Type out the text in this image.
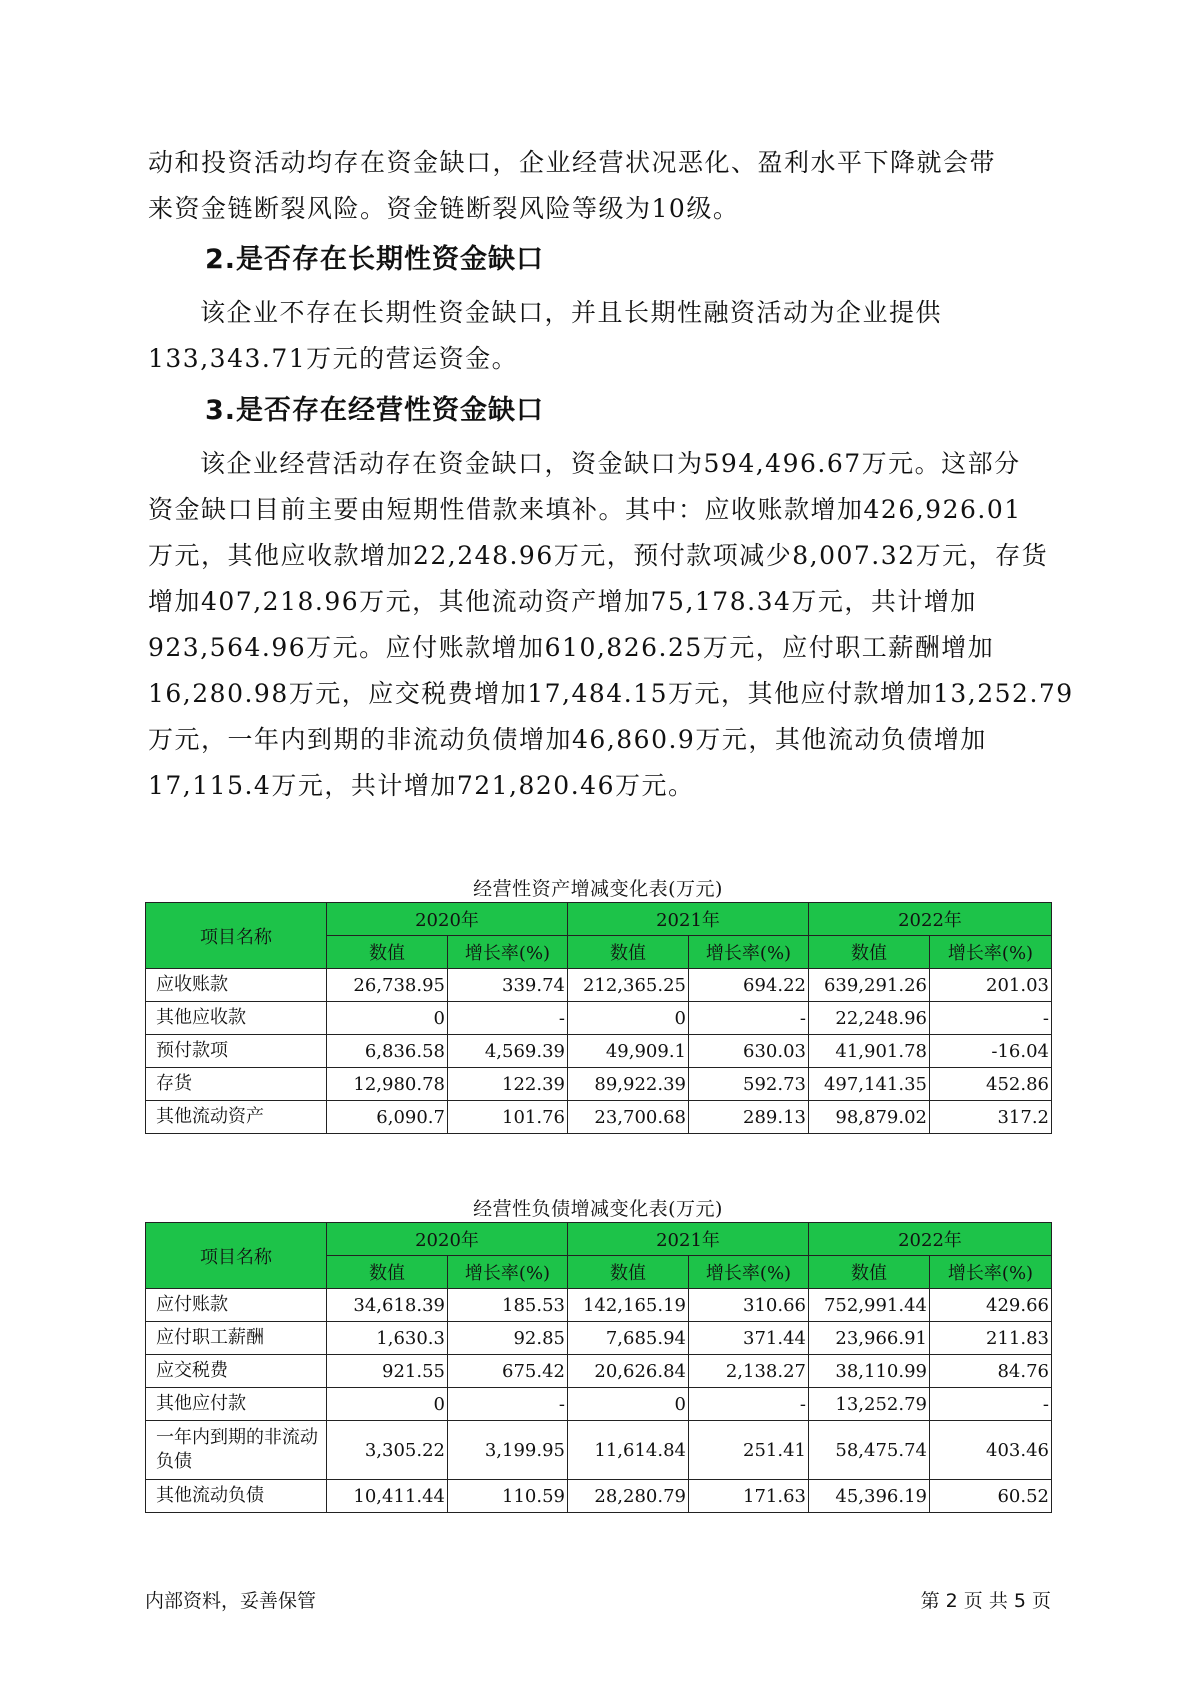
动和投资活动均存在资金缺口，企业经营状况恶化、盈利水平下降就会带
来资金链断裂风险。资金链断裂风险等级为10级。

2.是否存在长期性资金缺口

该企业不存在长期性资金缺口，并且长期性融资活动为企业提供
133,343.71万元的营运资金。

3.是否存在经营性资金缺口

该企业经营活动存在资金缺口，资金缺口为594,496.67万元。这部分
资金缺口目前主要由短期性借款来填补。其中：应收账款增加426,926.01
万元，其他应收款增加22,248.96万元，预付款项减少8,007.32万元，存货
增加407,218.96万元，其他流动资产增加75,178.34万元，共计增加
923,564.96万元。应付账款增加610,826.25万元，应付职工薪酬增加
16,280.98万元，应交税费增加17,484.15万元，其他应付款增加13,252.79
万元，一年内到期的非流动负债增加46,860.9万元，其他流动负债增加
17,115.4万元，共计增加721,820.46万元。

经营性资产增减变化表(万元)
项目名称	2020年		2021年		2022年	
	数值	增长率(%)	数值	增长率(%)	数值	增长率(%)
应收账款	26,738.95	339.74	212,365.25	694.22	639,291.26	201.03
其他应收款	0	-	0	-	22,248.96	-
预付款项	6,836.58	4,569.39	49,909.1	630.03	41,901.78	-16.04
存货	12,980.78	122.39	89,922.39	592.73	497,141.35	452.86
其他流动资产	6,090.7	101.76	23,700.68	289.13	98,879.02	317.2
经营性负债增减变化表(万元)
项目名称	2020年		2021年		2022年	
	数值	增长率(%)	数值	增长率(%)	数值	增长率(%)
应付账款	34,618.39	185.53	142,165.19	310.66	752,991.44	429.66
应付职工薪酬	1,630.3	92.85	7,685.94	371.44	23,966.91	211.83
应交税费	921.55	675.42	20,626.84	2,138.27	38,110.99	84.76
其他应付款	0	-	0	-	13,252.79	-
一年内到期的非流动负债	3,305.22	3,199.95	11,614.84	251.41	58,475.74	403.46
其他流动负债	10,411.44	110.59	28,280.79	171.63	45,396.19	60.52
内部资料，妥善保管	第 2 页 共 5 页
